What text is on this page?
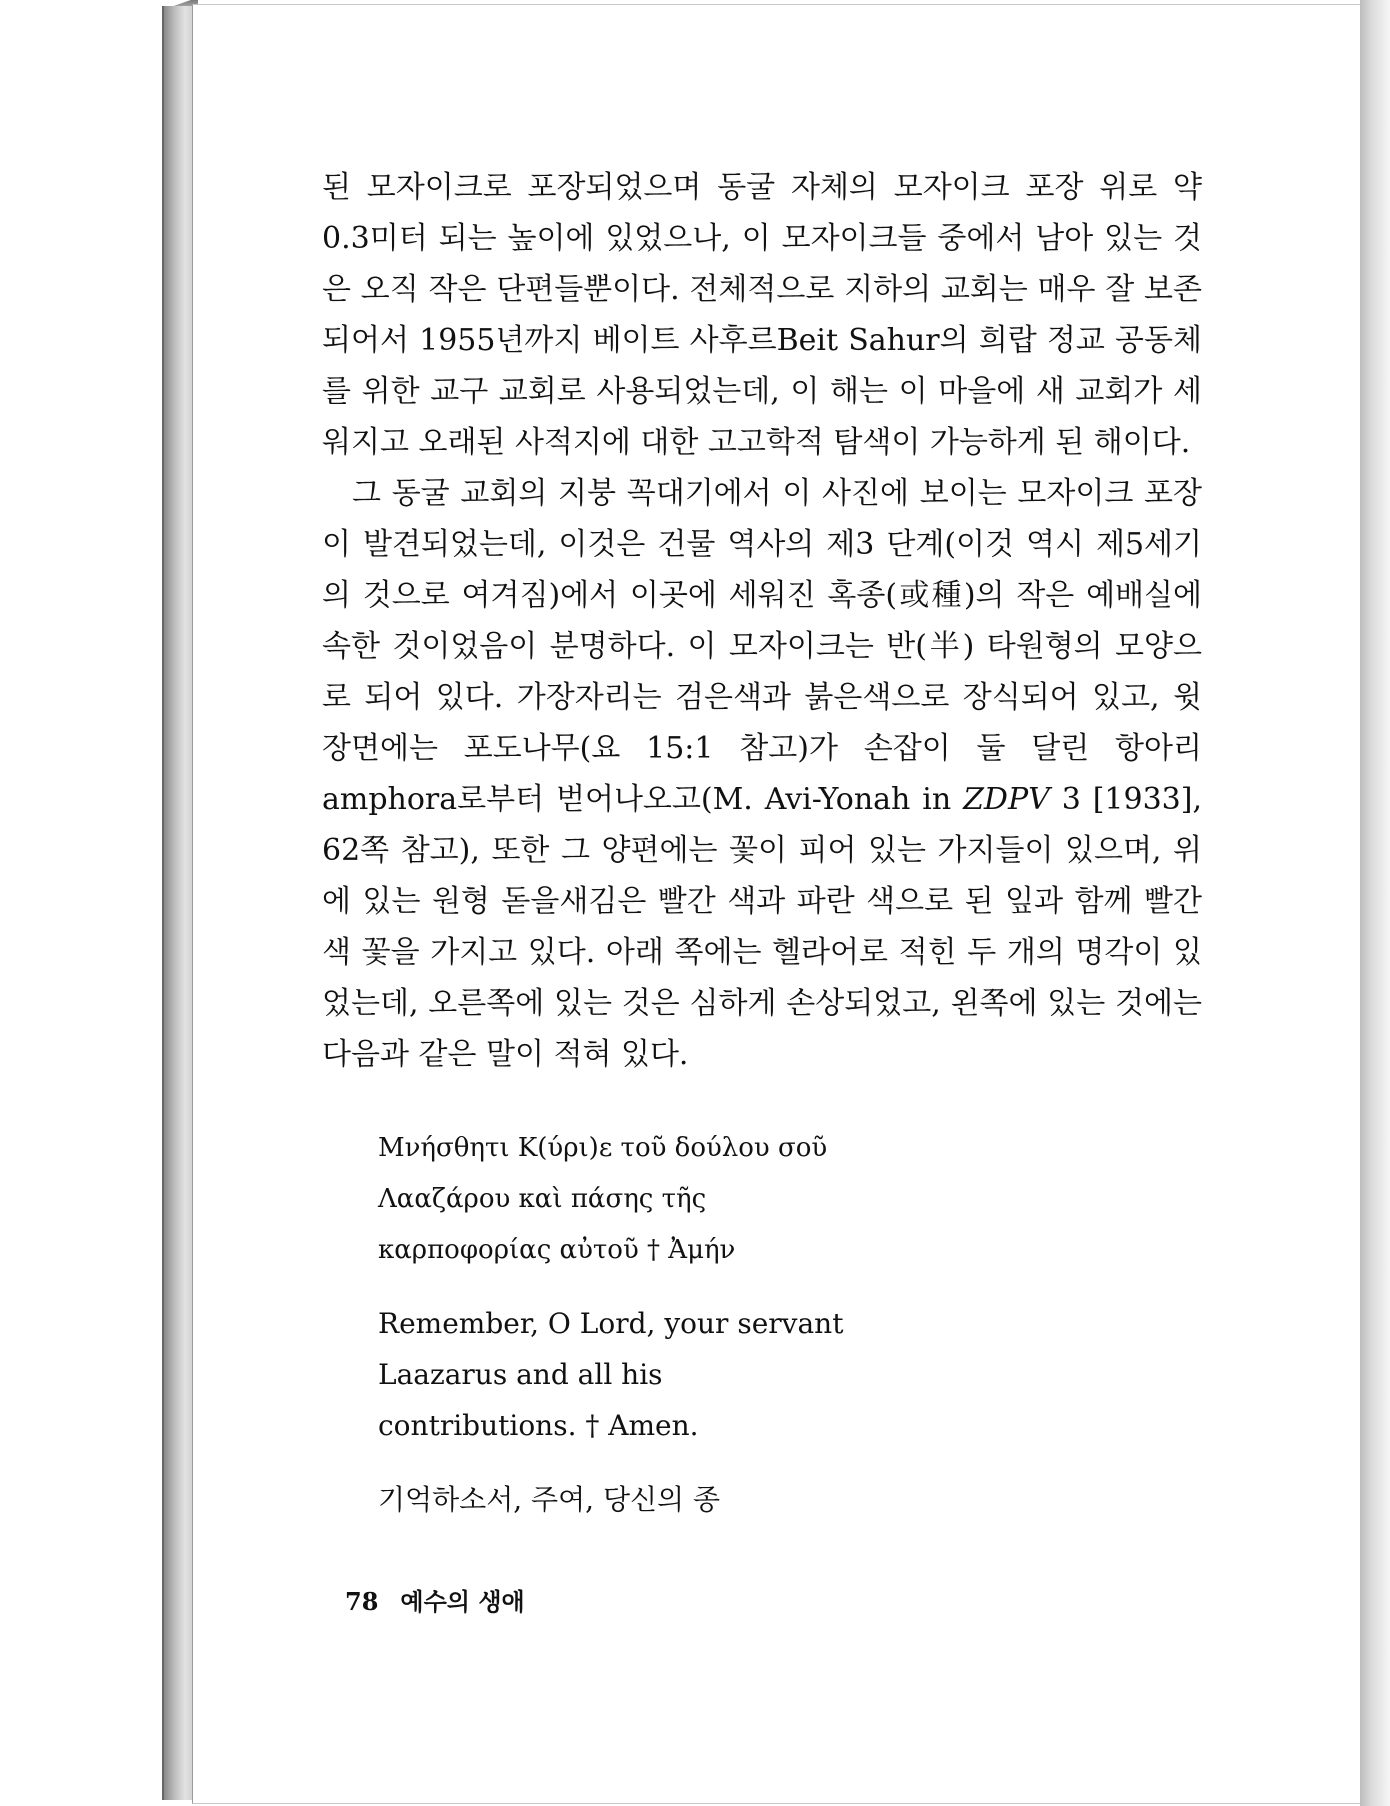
된 모자이크로 포장되었으며 동굴 자체의 모자이크 포장 위로 약 0.3미터 되는 높이에 있었으나, 이 모자이크들 중에서 남아 있는 것은 오직 작은 단편들뿐이다. 전체적으로 지하의 교회는 매우 잘 보존되어서 1955년까지 베이트 사후르Beit Sahur의 희랍 정교 공동체를 위한 교구 교회로 사용되었는데, 이 해는 이 마을에 새 교회가 세워지고 오래된 사적지에 대한 고고학적 탐색이 가능하게 된 해이다.

그 동굴 교회의 지붕 꼭대기에서 이 사진에 보이는 모자이크 포장이 발견되었는데, 이것은 건물 역사의 제3 단계(이것 역시 제5세기의 것으로 여겨짐)에서 이곳에 세워진 혹종(或種)의 작은 예배실에 속한 것이었음이 분명하다. 이 모자이크는 반(半) 타원형의 모양으로 되어 있다. 가장자리는 검은색과 붉은색으로 장식되어 있고, 윗 장면에는 포도나무(요 15:1 참고)가 손잡이 둘 달린 항아리 amphora로부터 벋어나오고(M. Avi-Yonah in ZDPV 3 [1933], 62쪽 참고), 또한 그 양편에는 꽃이 피어 있는 가지들이 있으며, 위에 있는 원형 돋을새김은 빨간 색과 파란 색으로 된 잎과 함께 빨간 색 꽃을 가지고 있다. 아래 쪽에는 헬라어로 적힌 두 개의 명각이 있었는데, 오른쪽에 있는 것은 심하게 손상되었고, 왼쪽에 있는 것에는 다음과 같은 말이 적혀 있다.

Μνήσθητι Κ(ύρι)ε τοῦ δούλου σοῦ
Λααζάρου καὶ πάσης τῆς
καρποφορίας αὐτοῦ † Ἀμήν
Remember, O Lord, your servant
Laazarus and all his
contributions. † Amen.
기억하소서, 주여, 당신의 종
78 예수의 생애
